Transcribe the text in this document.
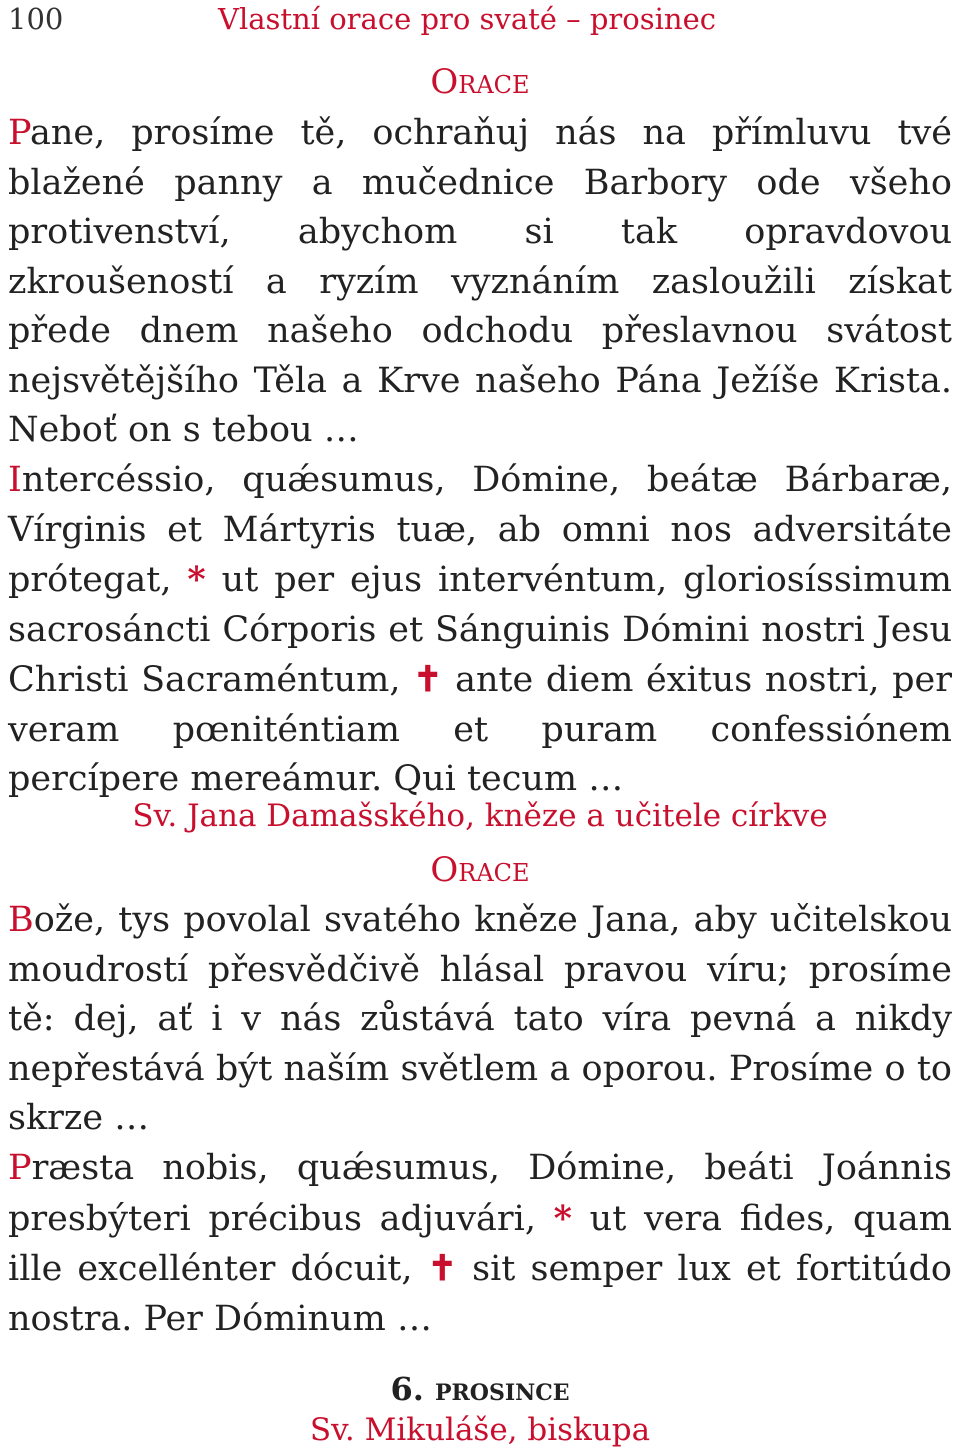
100	Vlastní orace pro svaté – prosinec
Orace

Pane, prosíme tě, ochraňuj nás na přímluvu tvé blažené panny a mučednice Barbory ode všeho protivenství, abychom si tak opravdovou zkroušeností a ryzím vyznáním zasloužili získat přede dnem našeho odchodu přeslavnou svátost nejsvětějšího Těla a Krve našeho Pána Ježíše Krista. Neboť on s tebou …

Intercéssio, quǽsumus, Dómine, beátæ Bárbaræ, Vírginis et Mártyris tuæ, ab omni nos adversitáte prótegat, * ut per ejus intervéntum, gloriosíssimum sacrosáncti Córporis et Sánguinis Dómini nostri Jesu Christi Sacraméntum, ✝ ante diem éxitus nostri, per veram pœniténtiam et puram confessiónem percípere mereámur. Qui tecum …

Sv. Jana Damašského, kněze a učitele církve
Orace

Bože, tys povolal svatého kněze Jana, aby učitelskou moudrostí přesvědčivě hlásal pravou víru; prosíme tě: dej, ať i v nás zůstává tato víra pevná a nikdy nepřestává být naším světlem a oporou. Prosíme o to skrze …

Præsta nobis, quǽsumus, Dómine, beáti Joánnis presbýteri précibus adjuvári, * ut vera fides, quam ille excellénter dócuit, ✝ sit semper lux et fortitúdo nostra. Per Dóminum …

6. prosince
Sv. Mikuláše, biskupa
